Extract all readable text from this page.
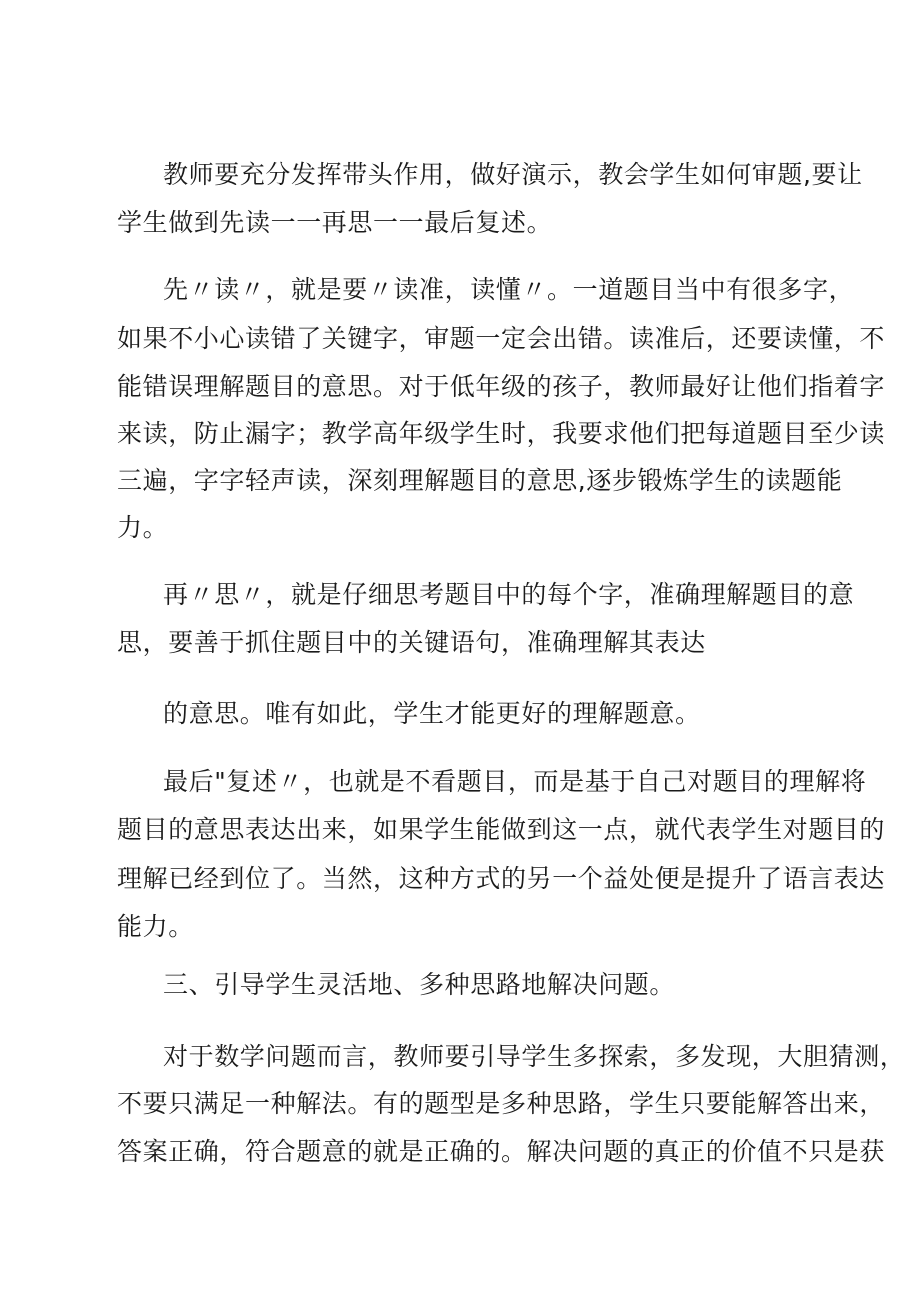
教师要充分发挥带头作用，做好演示，教会学生如何审题,要让
学生做到先读一一再思一一最后复述。
先〃读〃，就是要〃读准，读懂〃。一道题目当中有很多字，
如果不小心读错了关键字，审题一定会出错。读准后，还要读懂，不
能错误理解题目的意思。对于低年级的孩子，教师最好让他们指着字
来读，防止漏字；教学高年级学生时，我要求他们把每道题目至少读
三遍，字字轻声读，深刻理解题目的意思,逐步锻炼学生的读题能
力。
再〃思〃，就是仔细思考题目中的每个字，准确理解题目的意
思，要善于抓住题目中的关键语句，准确理解其表达
的意思。唯有如此，学生才能更好的理解题意。
最后"复述〃，也就是不看题目，而是基于自己对题目的理解将
题目的意思表达出来，如果学生能做到这一点，就代表学生对题目的
理解已经到位了。当然，这种方式的另一个益处便是提升了语言表达
能力。
三、引导学生灵活地、多种思路地解决问题。
对于数学问题而言，教师要引导学生多探索，多发现，大胆猜测，
不要只满足一种解法。有的题型是多种思路，学生只要能解答出来，
答案正确，符合题意的就是正确的。解决问题的真正的价值不只是获
